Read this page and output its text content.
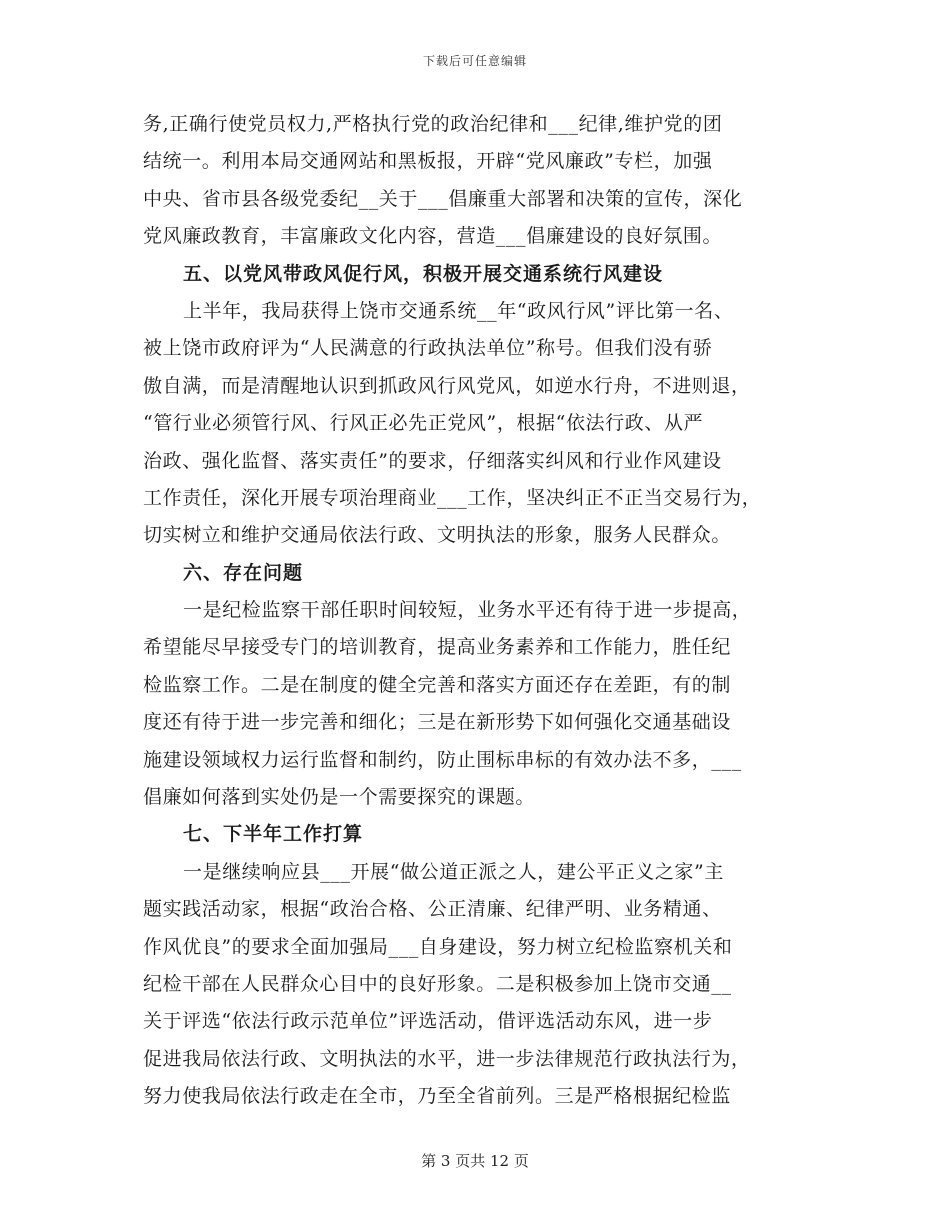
下载后可任意编辑
务,正确行使党员权力,严格执行党的政治纪律和___纪律,维护党的团
结统一。利用本局交通网站和黑板报，开辟“党风廉政”专栏，加强
中央、省市县各级党委纪__关于___倡廉重大部署和决策的宣传，深化
党风廉政教育，丰富廉政文化内容，营造___倡廉建设的良好氛围。
五、以党风带政风促行风，积极开展交通系统行风建设
上半年，我局获得上饶市交通系统__年“政风行风”评比第一名、
被上饶市政府评为“人民满意的行政执法单位”称号。但我们没有骄
傲自满，而是清醒地认识到抓政风行风党风，如逆水行舟，不进则退，
“管行业必须管行风、行风正必先正党风”，根据“依法行政、从严
治政、强化监督、落实责任”的要求，仔细落实纠风和行业作风建设
工作责任，深化开展专项治理商业___工作，坚决纠正不正当交易行为，
切实树立和维护交通局依法行政、文明执法的形象，服务人民群众。
六、存在问题
一是纪检监察干部任职时间较短，业务水平还有待于进一步提高，
希望能尽早接受专门的培训教育，提高业务素养和工作能力，胜任纪
检监察工作。二是在制度的健全完善和落实方面还存在差距，有的制
度还有待于进一步完善和细化；三是在新形势下如何强化交通基础设
施建设领域权力运行监督和制约，防止围标串标的有效办法不多，___
倡廉如何落到实处仍是一个需要探究的课题。
七、下半年工作打算
一是继续响应县___开展“做公道正派之人，建公平正义之家”主
题实践活动家，根据“政治合格、公正清廉、纪律严明、业务精通、
作风优良”的要求全面加强局___自身建设，努力树立纪检监察机关和
纪检干部在人民群众心目中的良好形象。二是积极参加上饶市交通__
关于评选“依法行政示范单位”评选活动，借评选活动东风，进一步
促进我局依法行政、文明执法的水平，进一步法律规范行政执法行为，
努力使我局依法行政走在全市，乃至全省前列。三是严格根据纪检监
第 3 页共 12 页
